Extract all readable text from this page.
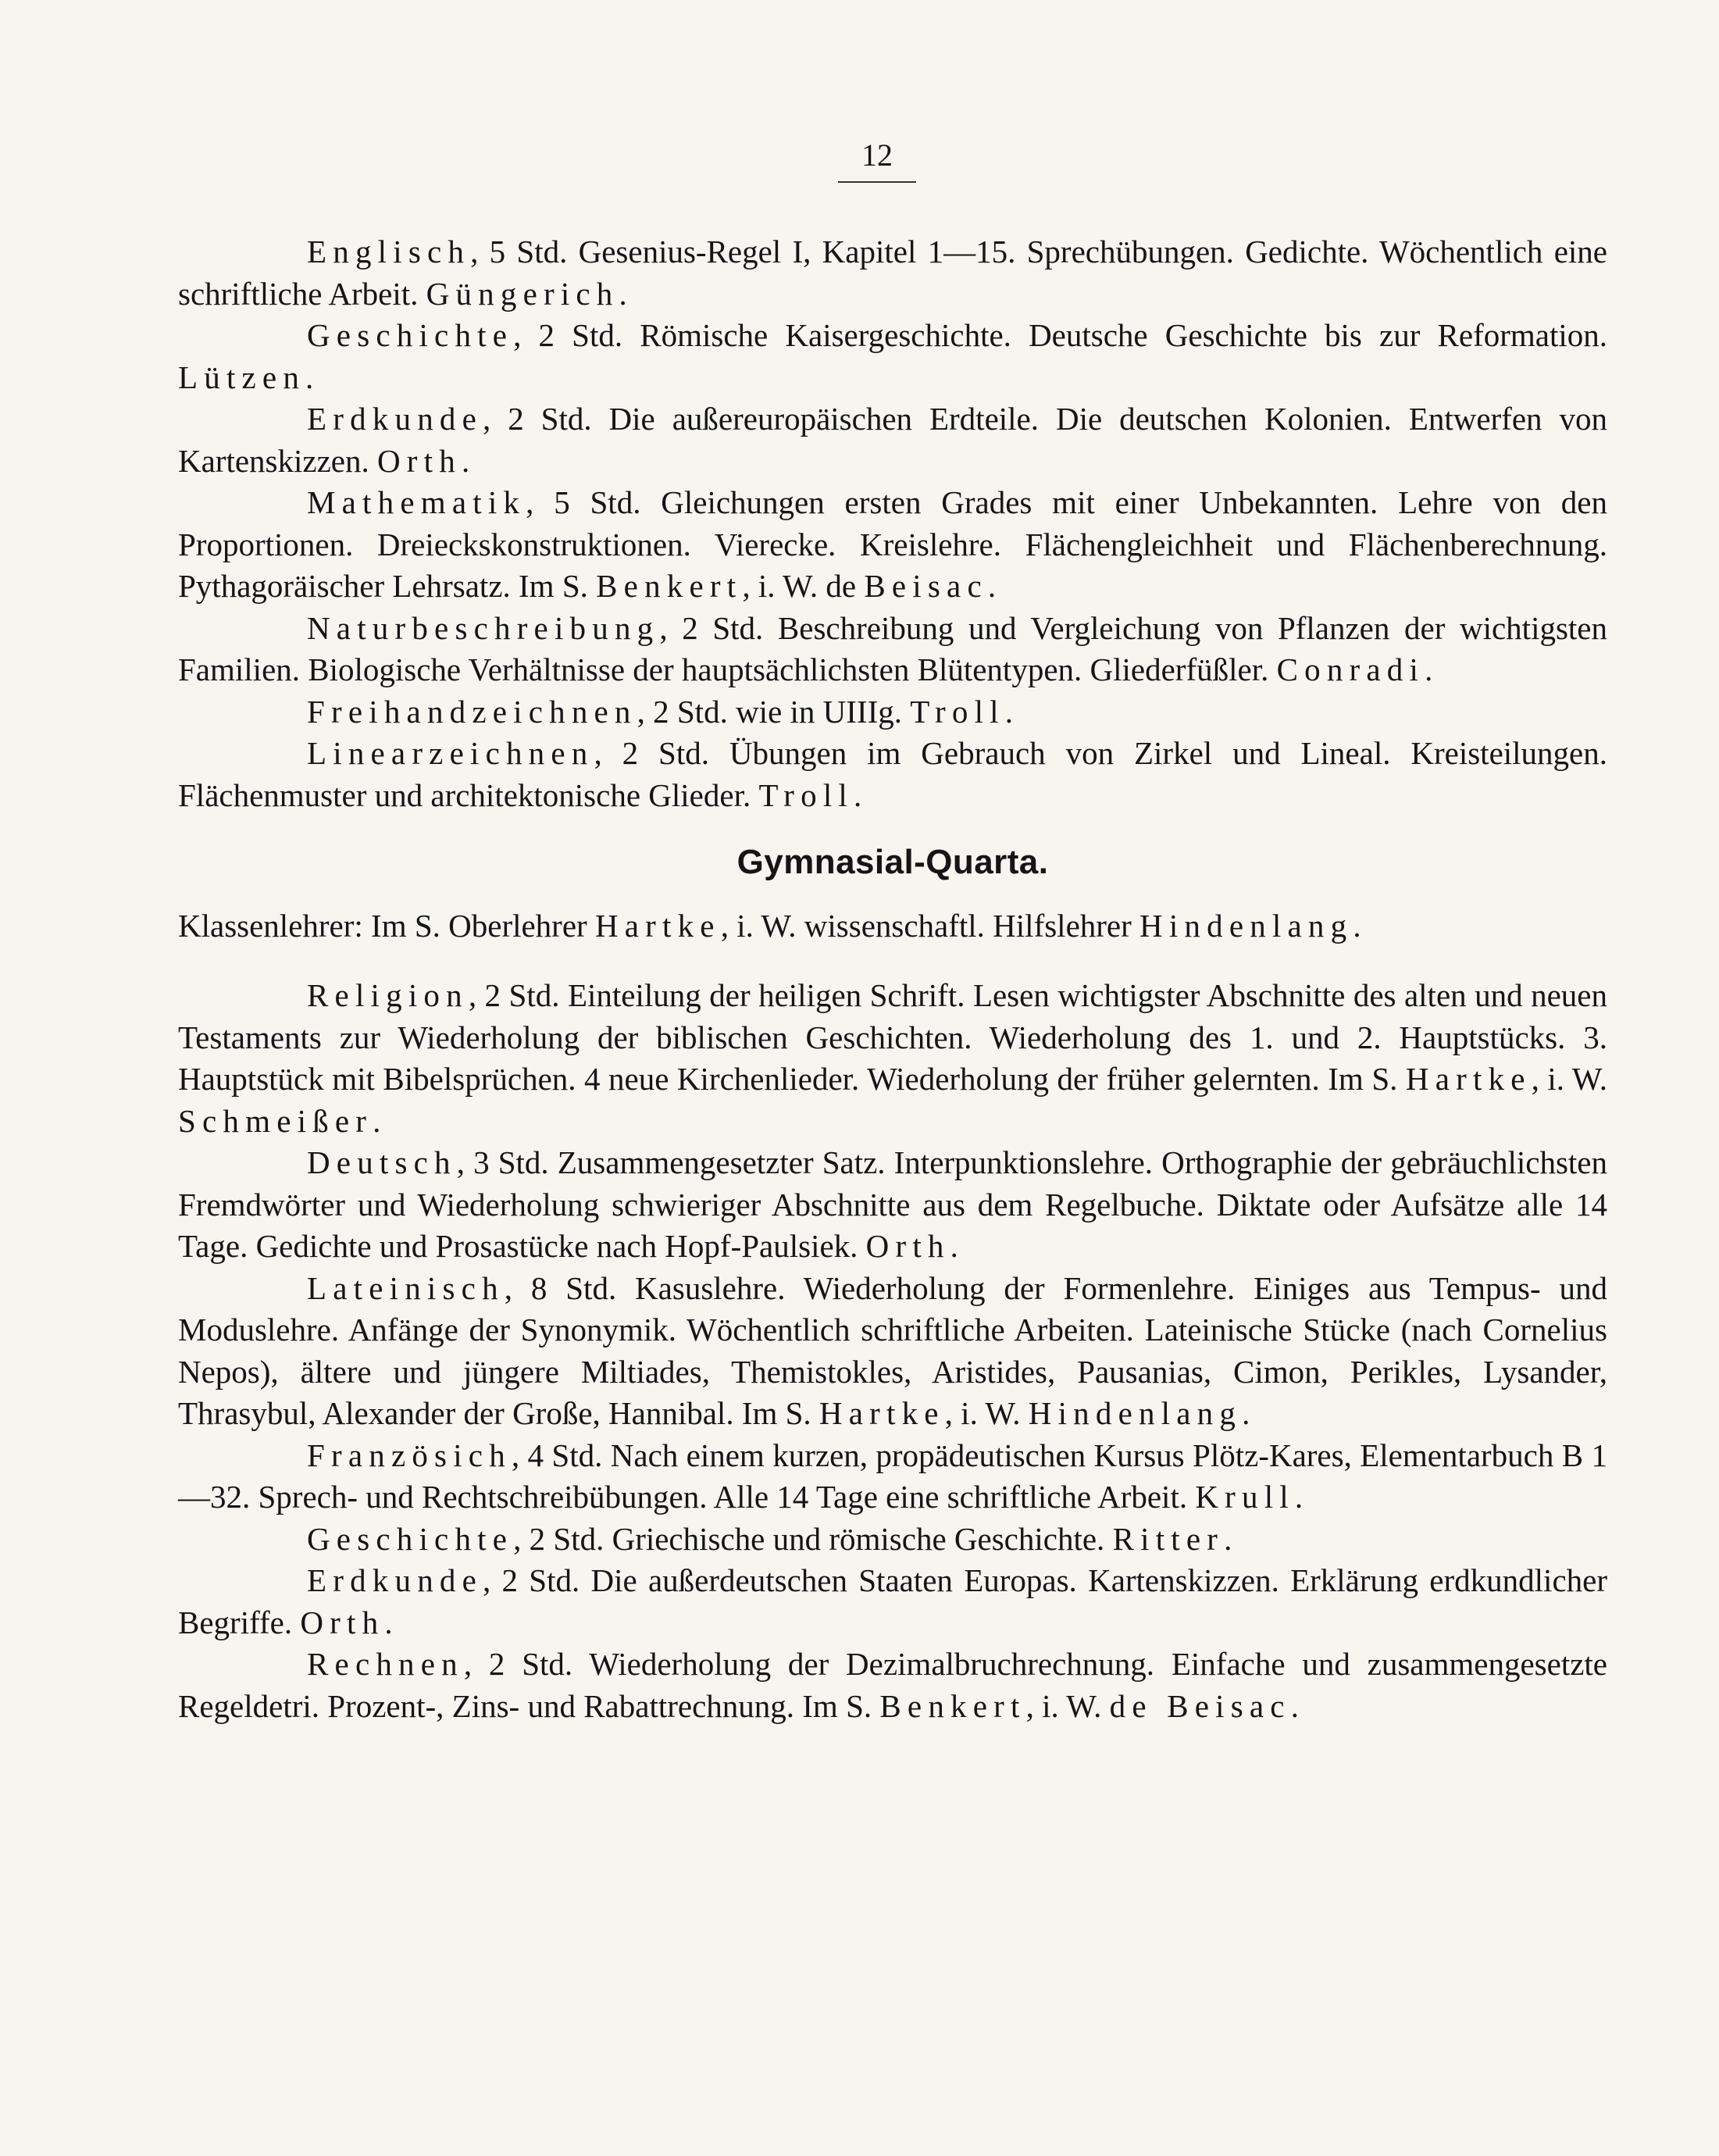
12

Englisch, 5 Std. Gesenius-Regel I, Kapitel 1—15. Sprechübungen. Gedichte. Wöchentlich eine schriftliche Arbeit. Güngerich.

Geschichte, 2 Std. Römische Kaisergeschichte. Deutsche Geschichte bis zur Reformation. Lützen.

Erdkunde, 2 Std. Die außereuropäischen Erdteile. Die deutschen Kolonien. Entwerfen von Kartenskizzen. Orth.

Mathematik, 5 Std. Gleichungen ersten Grades mit einer Unbekannten. Lehre von den Proportionen. Dreieckskonstruktionen. Vierecke. Kreislehre. Flächengleichheit und Flächenberechnung. Pythagoräischer Lehrsatz. Im S. Benkert, i. W. de Beisac.

Naturbeschreibung, 2 Std. Beschreibung und Vergleichung von Pflanzen der wichtigsten Familien. Biologische Verhältnisse der hauptsächlichsten Blütentypen. Gliederfüßler. Conradi.

Freihandzeichnen, 2 Std. wie in UIIIg. Troll.

Linearzeichnen, 2 Std. Übungen im Gebrauch von Zirkel und Lineal. Kreisteilungen. Flächenmuster und architektonische Glieder. Troll.

Gymnasial-Quarta.

Klassenlehrer: Im S. Oberlehrer Hartke, i. W. wissenschaftl. Hilfslehrer Hindenlang.

Religion, 2 Std. Einteilung der heiligen Schrift. Lesen wichtigster Abschnitte des alten und neuen Testaments zur Wiederholung der biblischen Geschichten. Wiederholung des 1. und 2. Hauptstücks. 3. Hauptstück mit Bibelsprüchen. 4 neue Kirchenlieder. Wiederholung der früher gelernten. Im S. Hartke, i. W. Schmeißer.

Deutsch, 3 Std. Zusammengesetzter Satz. Interpunktionslehre. Orthographie der gebräuchlichsten Fremdwörter und Wiederholung schwieriger Abschnitte aus dem Regelbuche. Diktate oder Aufsätze alle 14 Tage. Gedichte und Prosastücke nach Hopf-Paulsiek. Orth.

Lateinisch, 8 Std. Kasuslehre. Wiederholung der Formenlehre. Einiges aus Tempus- und Moduslehre. Anfänge der Synonymik. Wöchentlich schriftliche Arbeiten. Lateinische Stücke (nach Cornelius Nepos), ältere und jüngere Miltiades, Themistokles, Aristides, Pausanias, Cimon, Perikles, Lysander, Thrasybul, Alexander der Große, Hannibal. Im S. Hartke, i. W. Hindenlang.

Französich, 4 Std. Nach einem kurzen, propädeutischen Kursus Plötz-Kares, Elementarbuch B 1—32. Sprech- und Rechtschreibübungen. Alle 14 Tage eine schriftliche Arbeit. Krull.

Geschichte, 2 Std. Griechische und römische Geschichte. Ritter.

Erdkunde, 2 Std. Die außerdeutschen Staaten Europas. Kartenskizzen. Erklärung erdkundlicher Begriffe. Orth.

Rechnen, 2 Std. Wiederholung der Dezimalbruchrechnung. Einfache und zusammengesetzte Regeldetri. Prozent-, Zins- und Rabattrechnung. Im S. Benkert, i. W. de Beisac.
